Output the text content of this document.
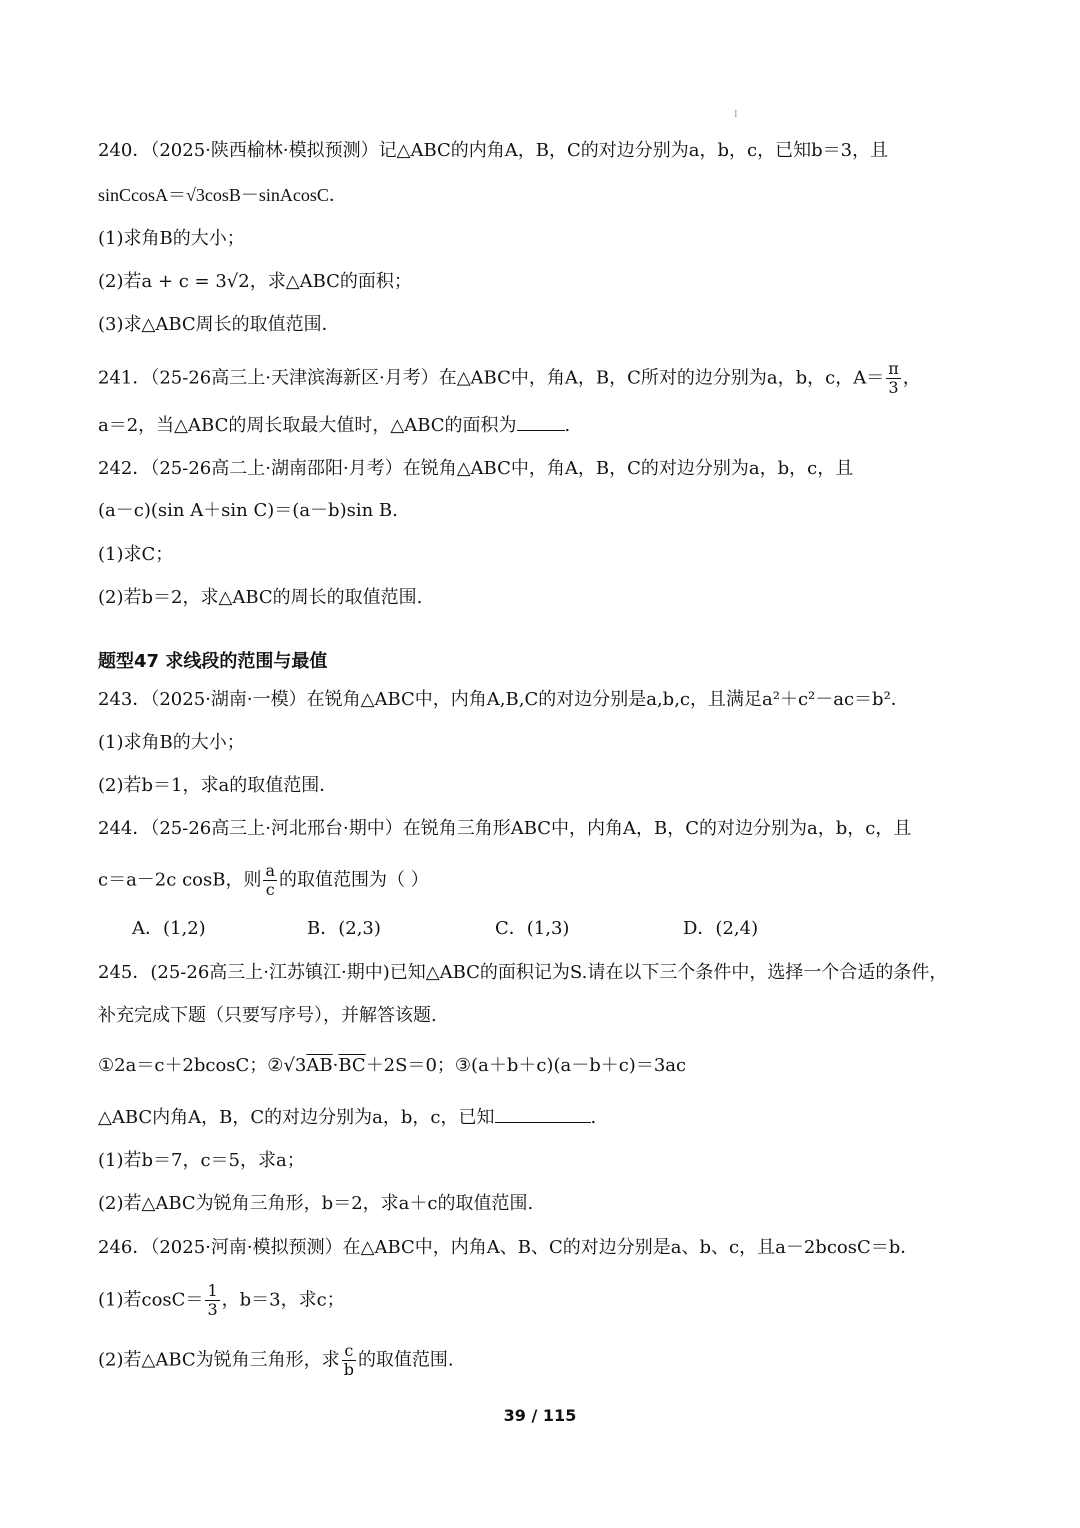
I
240．（2025·陕西榆林·模拟预测）记△ABC的内角A，B，C的对边分别为a，b，c，已知b＝3，且
sinCcosA＝√3cosB－sinAcosC．
(1)求角B的大小；
(2)若a + c = 3√2，求△ABC的面积；
(3)求△ABC周长的取值范围．
241．（25-26高三上·天津滨海新区·月考）在△ABC中，角A，B，C所对的边分别为a，b，c，$A= \frac{\pi}{3}$ ，
a＝2，当△ABC的周长取最大值时，△ABC的面积为	.
242．（25-26高二上·湖南邵阳·月考）在锐角△ABC中，角A，B，C的对边分别为a，b，c，且
(a－c)(sin A＋sin C)＝(a－b)sin B.
(1)求C；
(2)若b＝2，求△ABC的周长的取值范围.
题型47 求线段的范围与最值
243．（2025·湖南·一模）在锐角△ABC中，内角A,B,C的对边分别是a,b,c，且满足a²＋c²－ac＝b²．
(1)求角B的大小；
(2)若b＝1，求a的取值范围．
244．（25-26高三上·河北邢台·期中）在锐角三角形ABC中，内角A，B，C的对边分别为a，b，c，且
c＝a－2c cosB，则 $\frac{a}{c}$ 的取值范围为（ ）
A．(1,2)	B．(2,3)	C．(1,3)	D．(2,4)
245．(25-26高三上·江苏镇江·期中)已知△ABC的面积记为S.请在以下三个条件中，选择一个合适的条件，
补充完成下题（只要写序号），并解答该题.
①2a＝c＋2bcosC；$②√3\overline{AB}\cdot\overline{BC}+2S=0$；③(a＋b＋c)(a－b＋c)＝3ac
△ABC内角A，B，C的对边分别为a，b，c，已知	.
(1)若b＝7，c＝5，求a；
(2)若△ABC为锐角三角形，b＝2，求a＋c的取值范围.
246．（2025·河南·模拟预测）在△ABC中，内角A、B、C的对边分别是a、b、c，且a－2bcosC＝b．
(1)若$\cos C= \frac{1}{3}$ ，b＝3，求c；
(2)若△ABC为锐角三角形，求 $\frac{c}{b}$ 的取值范围.
39 / 115
